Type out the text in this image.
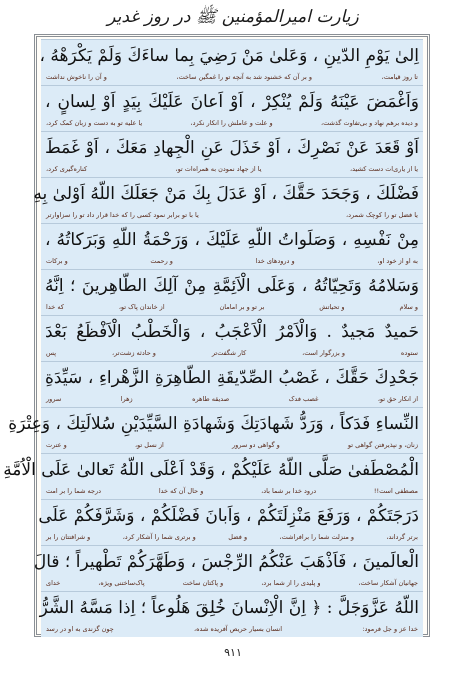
زیارت امیرالمؤمنین ﷺ در روز غدیر
اِلىٰ يَوْمِ الدّينِ ، وَعَلىٰ مَنْ رَضِيَ بِما ساءَكَ وَلَمْ يَكْرَهْهُ ،
تا روز قیامت،
و بر آن که خشنود شد به آنچه تو را غمگین ساخت،
و آن را ناخوش نداشت
وَاَغْمَضَ عَيْنَهُ وَلَمْ يُنْكِرْ ، اَوْ اَعانَ عَلَيْكَ بِيَدٍ اَوْ لِسانٍ ،
و دیده برهم نهاد و بی‌تفاوت گذشت،
و علت و عاملش را انکار نکرد،
یا علیه تو به دست و زبان کمک کرد،
اَوْ قَعَدَ عَنْ نَصْرِكَ ، اَوْ خَذَلَ عَنِ الْجِهادِ مَعَكَ ، اَوْ غَمَطَ
یا از یاری‌ات دست کشید،
یا از جهاد نمودن به همراه‌ات تو،
کناره‌گیری کرد،
فَضْلَكَ ، وَجَحَدَ حَقَّكَ ، اَوْ عَدَلَ بِكَ مَنْ جَعَلَكَ اللّهُ اَوْلىٰ بِهِ
یا فضل تو را کوچک شمرد،
یا با تو برابر نمود کسی را که خدا قرار داد تو را سزاوارتر
مِنْ نَفْسِهِ ، وَصَلَواتُ اللّهِ عَلَيْكَ ، وَرَحْمَةُ اللّهِ وَبَرَكاتُهُ ،
به او از خود او،
و درودهای خدا
و رحمت
و برکات
وَسَلامُهُ وَتَحِيّاتُهُ ، وَعَلَى الْاَئِمَّةِ مِنْ آلِكَ الطّاهِرينَ ؛ اِنَّهُ
و سلام
و تحیاتش
بر تو و بر امامان
از خاندان پاک تو،
که خدا
حَميدٌ مَجيدٌ . وَالْاَمْرُ الْاَعْجَبُ ، وَالْخَطْبُ الْاَفْظَعُ بَعْدَ
ستوده
و بزرگوار است،
کار شگفت‌تر
و حادثه زشت‌تر،
پس
جَحْدِكَ حَقَّكَ ، غَصْبُ الصِّدّيقَةِ الطّاهِرَةِ الزَّهْراءِ ، سَيِّدَةِ
از انکار حق تو،
غصب فدک
صدیقه طاهره
زهرا
سرور
النِّساءِ فَدَكاً ، وَرَدُّ شَهادَتِكَ وَشَهادَةِ السَّيِّدَيْنِ سُلالَتِكَ ، وَعِتْرَةِ
زنان، و نپذیرفتن گواهی تو
و گواهی دو سرور
از نسل تو،
و عترت
الْمُصْطَفىٰ صَلَّى اللّهُ عَلَيْكُمْ ، وَقَدْ اَعْلَى اللّهُ تَعالىٰ عَلَى الْاُمَّةِ
مصطفی است!!
درود خدا بر شما باد،
و حال آن که خدا
درجه شما را بر امت
دَرَجَتَكُمْ ، وَرَفَعَ مَنْزِلَتَكُمْ ، وَاَبانَ فَضْلَكُمْ ، وَشَرَّفَكُمْ عَلَى
برتر گرداند،
و منزلت شما را برافراشت،
و فضل
و برتری شما را آشکار کرد،
و شرافتتان را بر
الْعالَمينَ ، فَاَذْهَبَ عَنْكُمُ الرِّجْسَ ، وَطَهَّرَكُمْ تَطْهيراً ؛ قالَ
جهانیان آشکار ساخت،
و پلیدی را از شما برد،
و پاکتان ساخت
پاک‌ساختنی ویژه،
خدای
اللّهُ عَزَّوَجَلَّ : ﴿ اِنَّ الْاِنْسانَ خُلِقَ هَلُوعاً ؛ اِذا مَسَّهُ الشَّرُّ
خدا عز و جل فرمود:
انسان بسیار حریص آفریده شده،
چون گزندی به او در رسد
۹۱۱
